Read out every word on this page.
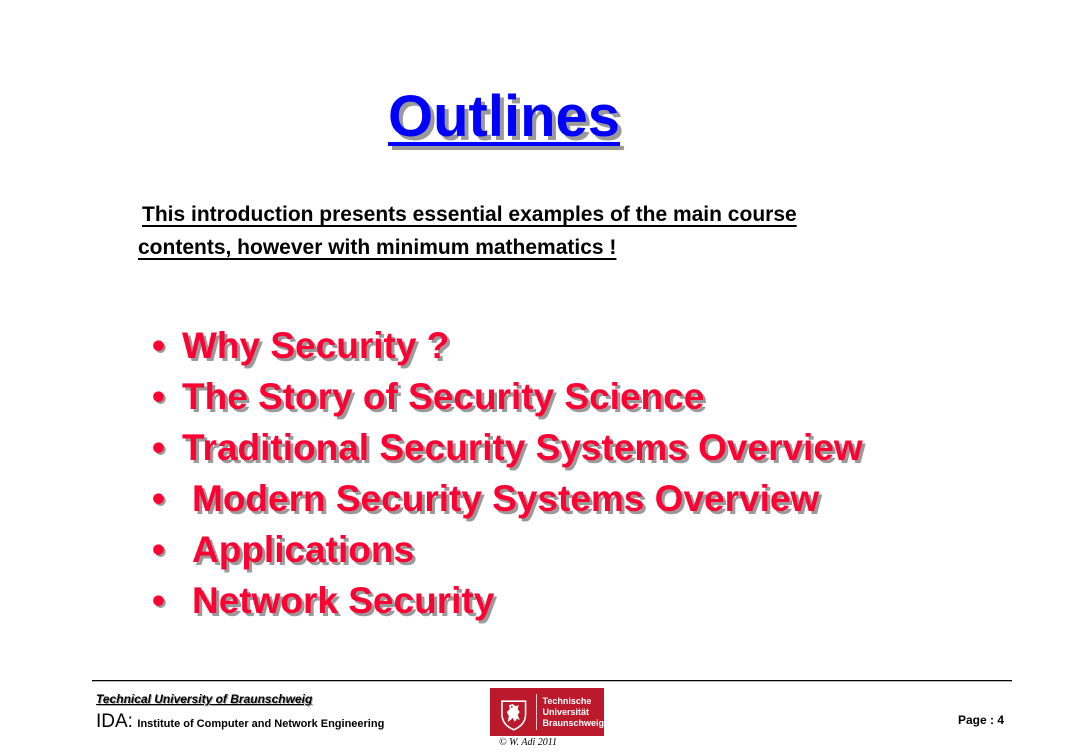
Outlines
This introduction presents essential examples of the main course
contents, however with minimum mathematics !
• Why Security ?
• The Story of Security Science
• Traditional Security Systems Overview
• Modern Security Systems Overview
• Applications
• Network Security
Technical University of Braunschweig
IDA: Institute of Computer and Network Engineering
Technische
Universität
Braunschweig
© W. Adi 2011
Page : 4
